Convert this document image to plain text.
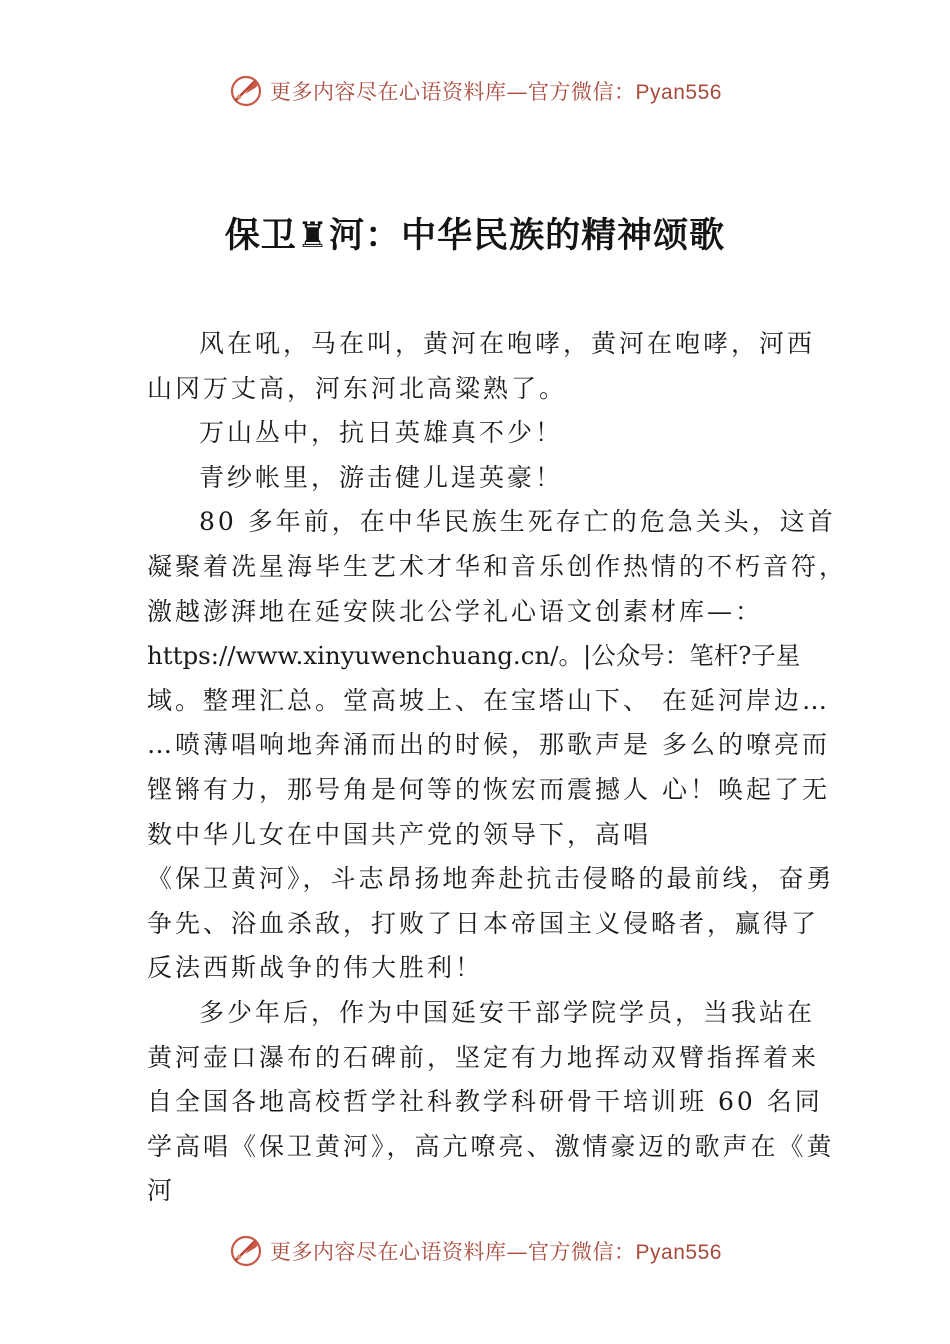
更多内容尽在心语资料库—官方微信：Pyan556
保卫♜河：中华民族的精神颂歌
风在吼，马在叫，黄河在咆哮，黄河在咆哮，河西
山冈万丈高，河东河北高粱熟了。
万山丛中，抗日英雄真不少！
青纱帐里，游击健儿逞英豪！
80 多年前，在中华民族生死存亡的危急关头，这首
凝聚着冼星海毕生艺术才华和音乐创作热情的不朽音符，
激越澎湃地在延安陕北公学礼心语文创素材库—：
https://www.xinyuwenchuang.cn/。|公众号：笔杆?子星
域。整理汇总。堂高坡上、在宝塔山下、 在延河岸边…
…喷薄唱响地奔涌而出的时候，那歌声是 多么的嘹亮而
铿锵有力，那号角是何等的恢宏而震撼人 心！唤起了无
数中华儿女在中国共产党的领导下，高唱
《保卫黄河》，斗志昂扬地奔赴抗击侵略的最前线，奋勇
争先、浴血杀敌，打败了日本帝国主义侵略者，赢得了
反法西斯战争的伟大胜利！
多少年后，作为中国延安干部学院学员，当我站在
黄河壶口瀑布的石碑前，坚定有力地挥动双臂指挥着来
自全国各地高校哲学社科教学科研骨干培训班 60 名同
学高唱《保卫黄河》，高亢嘹亮、激情豪迈的歌声在《黄
河
更多内容尽在心语资料库—官方微信：Pyan556
